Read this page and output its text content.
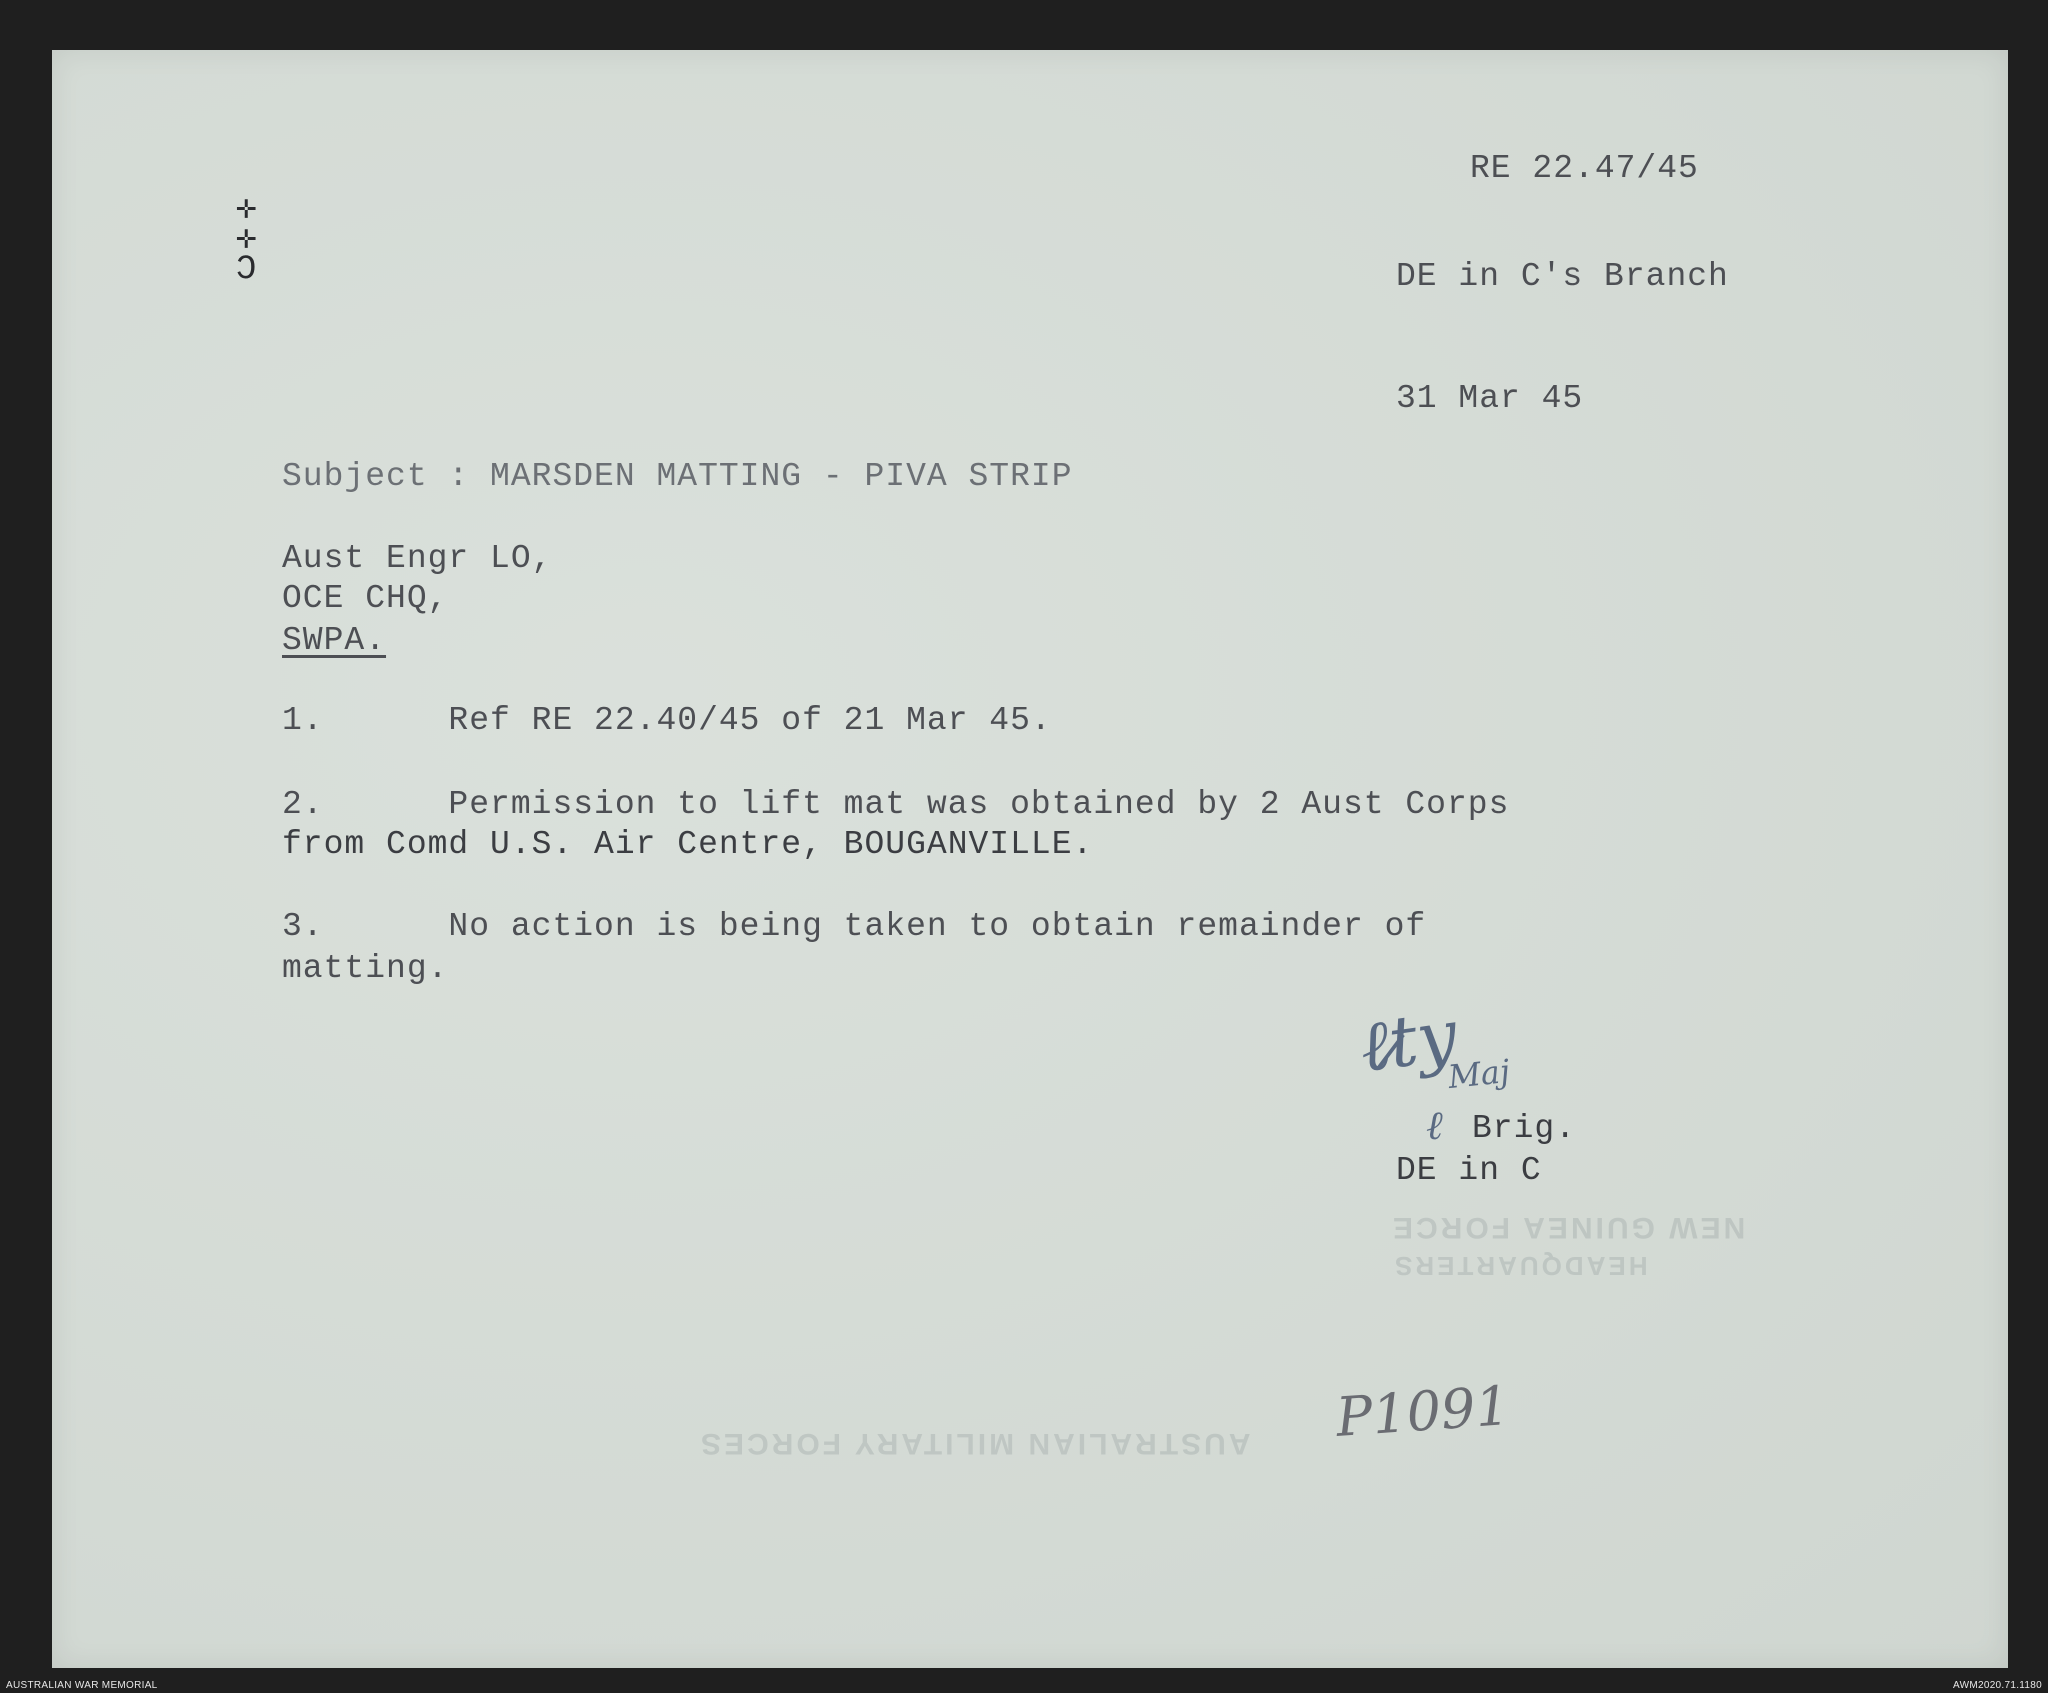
✛
✛
Ͻ
RE 22.47/45
DE in C's Branch
31 Mar 45
Subject : MARSDEN MATTING - PIVA STRIP
Aust Engr LO,
OCE CHQ,
SWPA.
1.      Ref RE 22.40/45 of 21 Mar 45.
2.      Permission to lift mat was obtained by 2 Aust Corps
from Comd U.S. Air Centre, BOUGANVILLE.
3.      No action is being taken to obtain remainder of
matting.
ℓ̷ty
Maj
ℓ Brig.
DE in C
NEW GUINEA FORCE
HEADQUARTERS
AUSTRALIAN MILITARY FORCES P1091
AUSTRALIAN WAR MEMORIAL	AWM2020.71.1180
